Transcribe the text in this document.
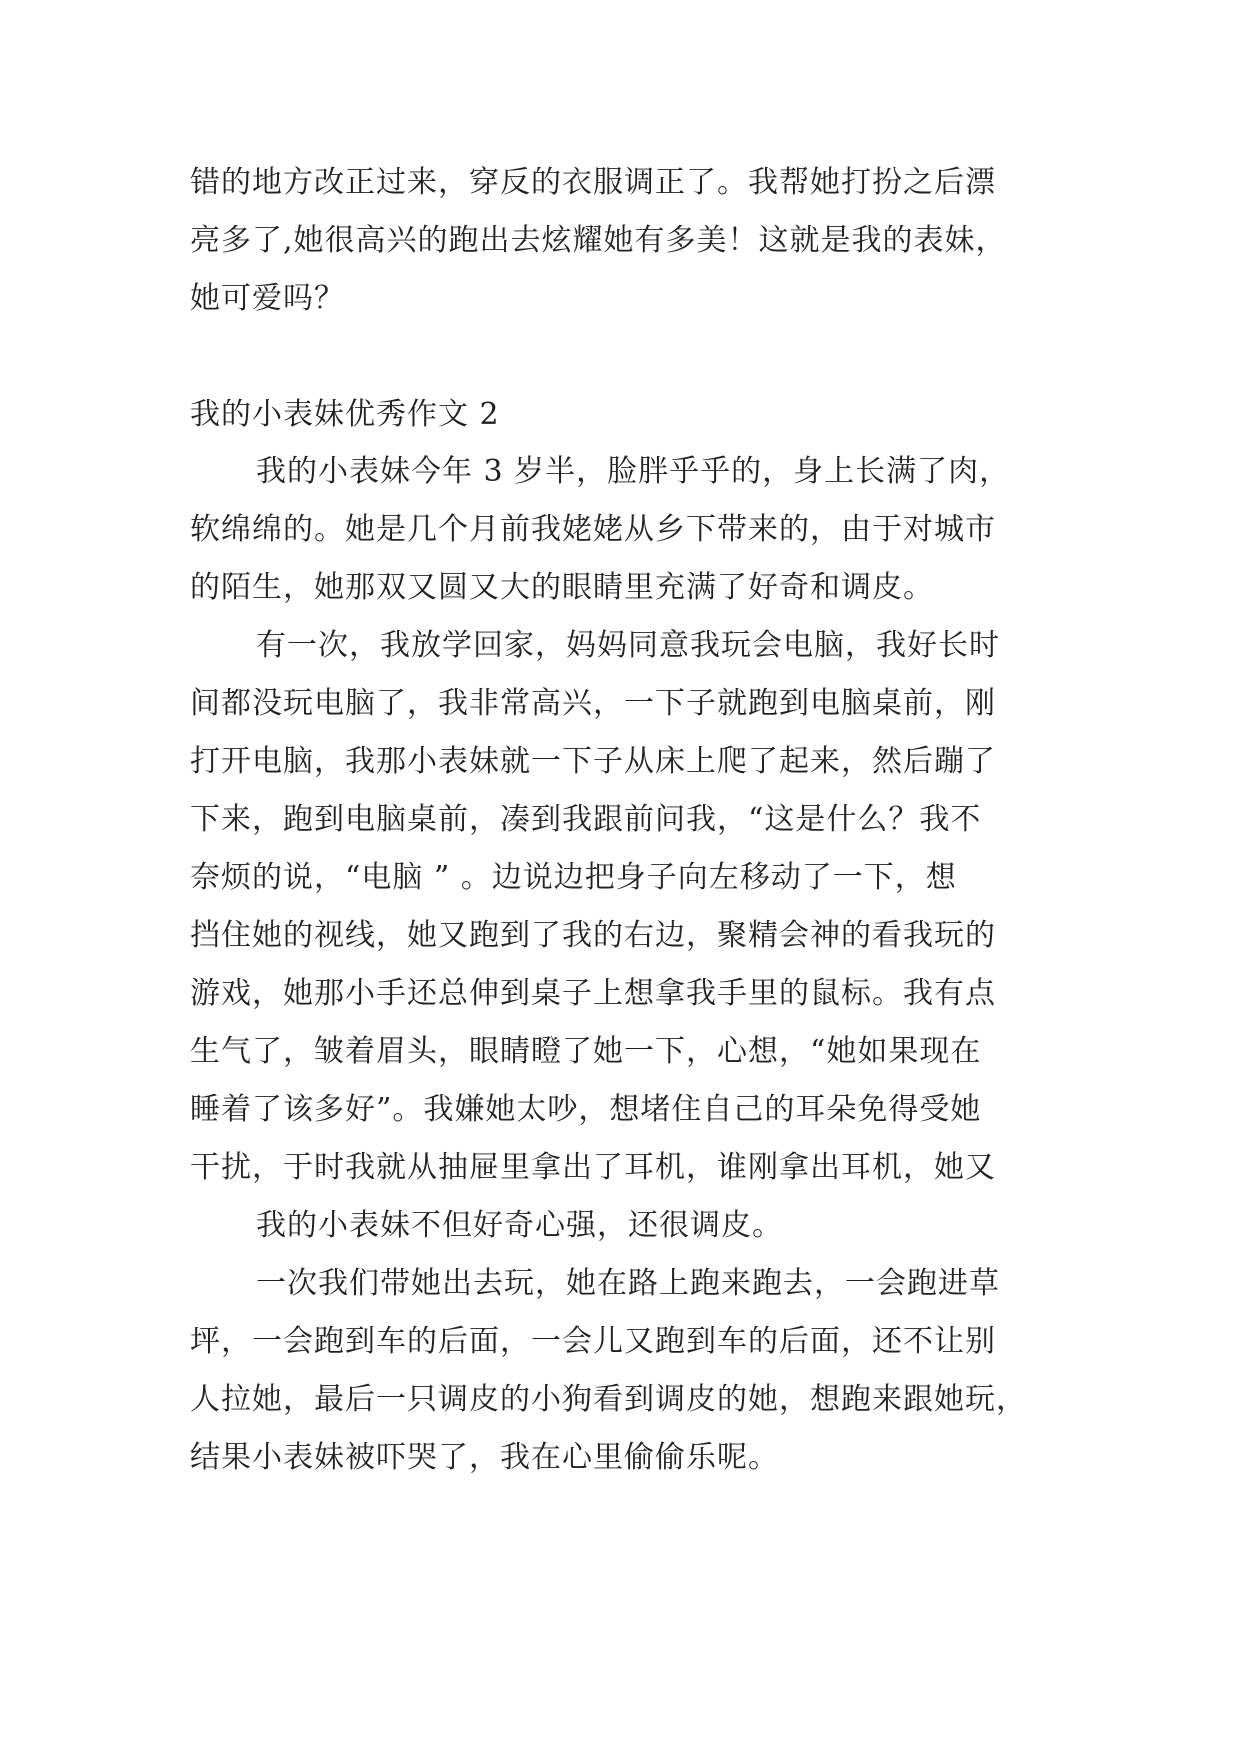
错的地方改正过来，穿反的衣服调正了。我帮她打扮之后漂
亮多了,她很高兴的跑出去炫耀她有多美！这就是我的表妹，
她可爱吗？
我的小表妹优秀作文 2
我的小表妹今年 3 岁半，脸胖乎乎的，身上长满了肉，
软绵绵的。她是几个月前我姥姥从乡下带来的，由于对城市
的陌生，她那双又圆又大的眼睛里充满了好奇和调皮。
有一次，我放学回家，妈妈同意我玩会电脑，我好长时
间都没玩电脑了，我非常高兴，一下子就跑到电脑桌前，刚
打开电脑，我那小表妹就一下子从床上爬了起来，然后蹦了
下来，跑到电脑桌前，凑到我跟前问我，“这是什么？我不
奈烦的说，“电脑 ” 。边说边把身子向左移动了一下，想
挡住她的视线，她又跑到了我的右边，聚精会神的看我玩的
游戏，她那小手还总伸到桌子上想拿我手里的鼠标。我有点
生气了，皱着眉头，眼睛瞪了她一下，心想，“她如果现在
睡着了该多好”。我嫌她太吵，想堵住自己的耳朵免得受她
干扰，于时我就从抽屉里拿出了耳机，谁刚拿出耳机，她又
我的小表妹不但好奇心强，还很调皮。
一次我们带她出去玩，她在路上跑来跑去，一会跑进草
坪，一会跑到车的后面，一会儿又跑到车的后面，还不让别
人拉她，最后一只调皮的小狗看到调皮的她，想跑来跟她玩，
结果小表妹被吓哭了，我在心里偷偷乐呢。
